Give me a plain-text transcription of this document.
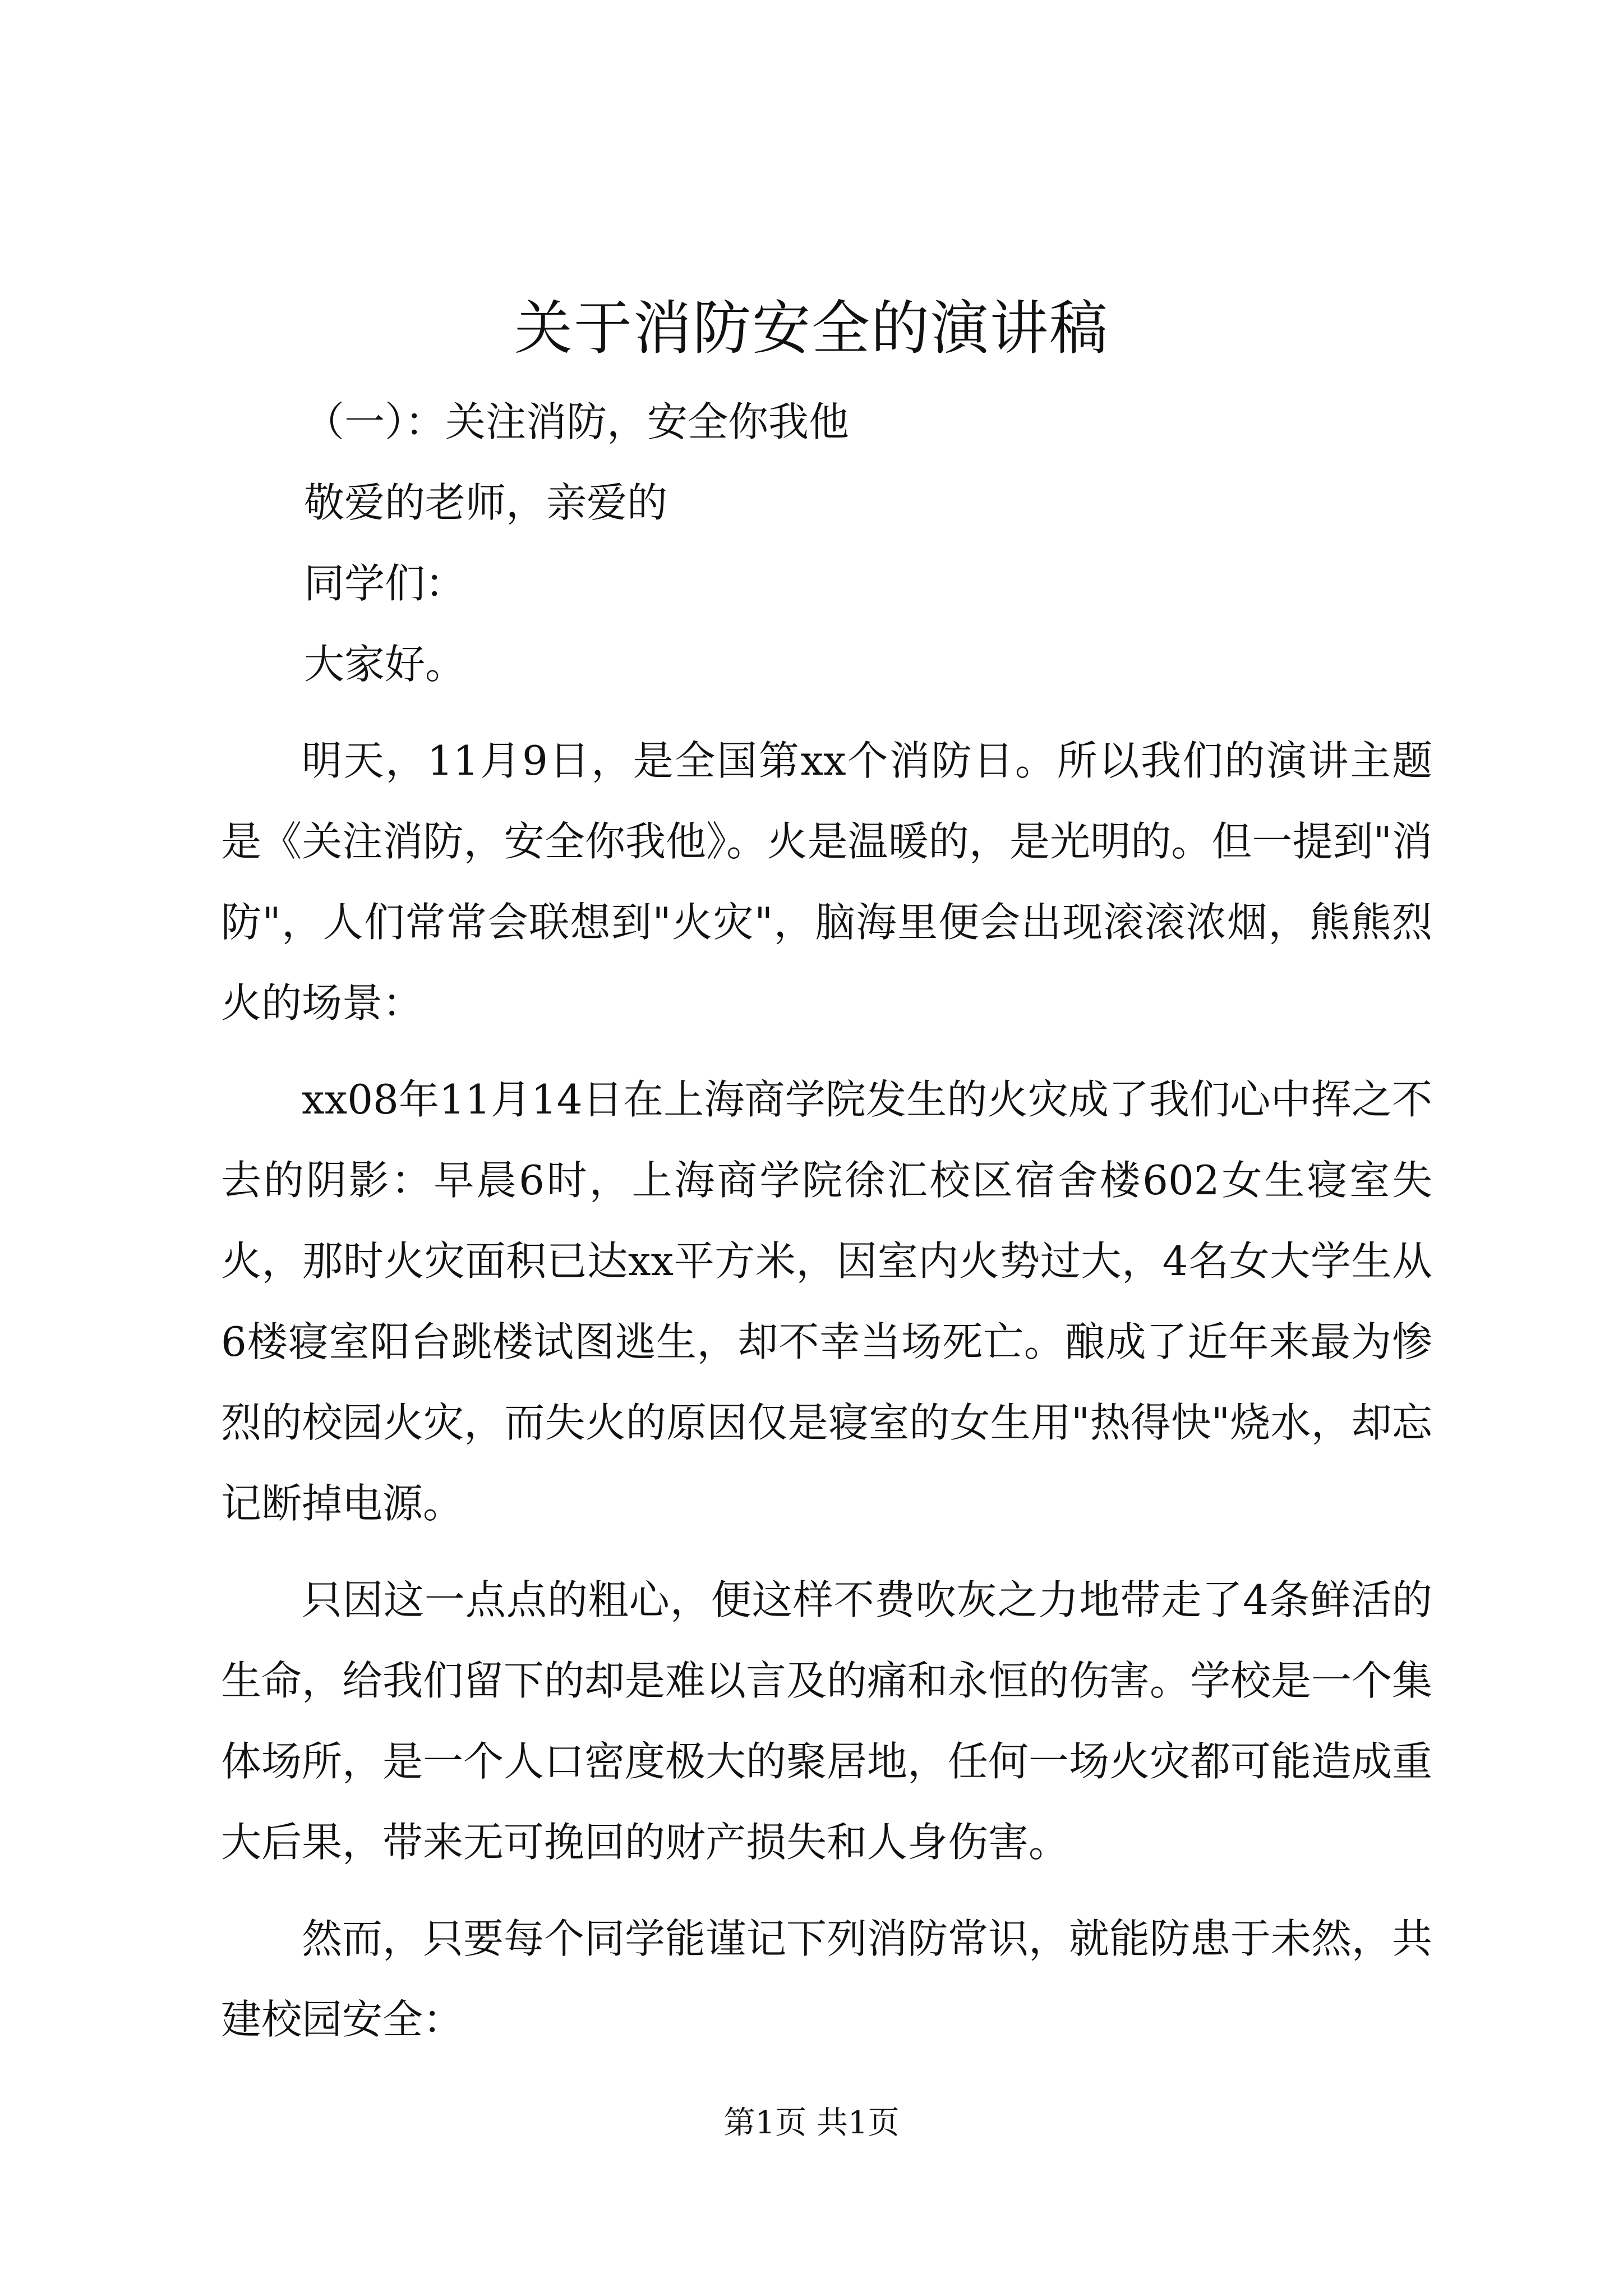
关于消防安全的演讲稿

（一）：关注消防，安全你我他

敬爱的老师，亲爱的

同学们：

大家好。

明天，11月9日，是全国第xx个消防日。所以我们的演讲主题是《关注消防，安全你我他》。火是温暖的，是光明的。但一提到"消防"，人们常常会联想到"火灾"，脑海里便会出现滚滚浓烟，熊熊烈火的场景：

xx08年11月14日在上海商学院发生的火灾成了我们心中挥之不去的阴影：早晨6时，上海商学院徐汇校区宿舍楼602女生寝室失火，那时火灾面积已达xx平方米，因室内火势过大，4名女大学生从6楼寝室阳台跳楼试图逃生，却不幸当场死亡。酿成了近年来最为惨烈的校园火灾，而失火的原因仅是寝室的女生用"热得快"烧水，却忘记断掉电源。

只因这一点点的粗心，便这样不费吹灰之力地带走了4条鲜活的生命，给我们留下的却是难以言及的痛和永恒的伤害。学校是一个集体场所，是一个人口密度极大的聚居地，任何一场火灾都可能造成重大后果，带来无可挽回的财产损失和人身伤害。

然而，只要每个同学能谨记下列消防常识，就能防患于未然，共建校园安全：

第1页 共1页
